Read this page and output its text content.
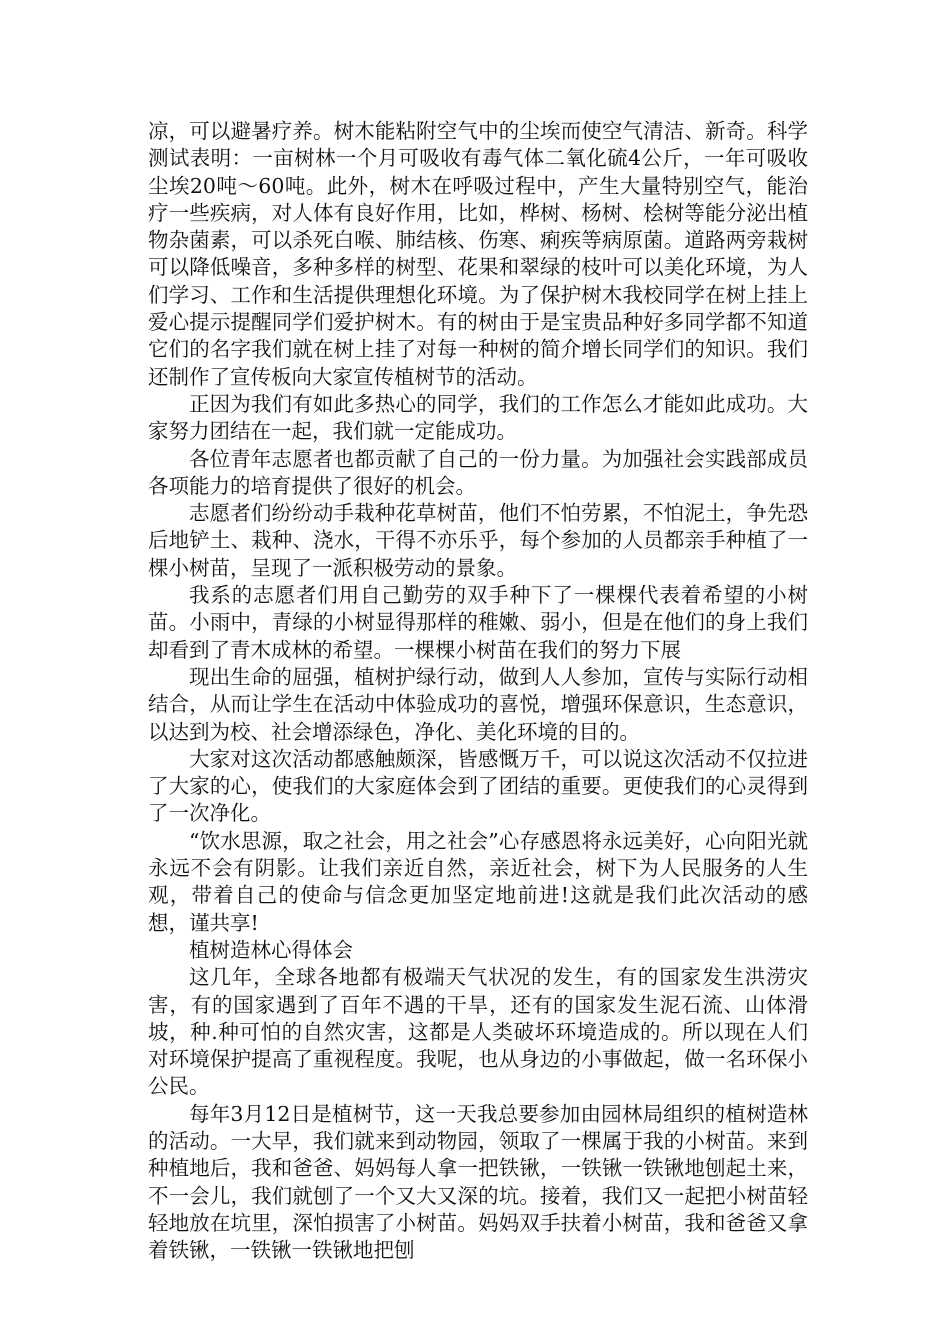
凉，可以避暑疗养。树木能粘附空气中的尘埃而使空气清洁、新奇。科学测试表明：一亩树林一个月可吸收有毒气体二氧化硫4公斤，一年可吸收尘埃20吨～60吨。此外，树木在呼吸过程中，产生大量特别空气，能治疗一些疾病，对人体有良好作用，比如，桦树、杨树、桧树等能分泌出植物杂菌素，可以杀死白喉、肺结核、伤寒、痢疾等病原菌。道路两旁栽树可以降低噪音，多种多样的树型、花果和翠绿的枝叶可以美化环境，为人们学习、工作和生活提供理想化环境。为了保护树木我校同学在树上挂上爱心提示提醒同学们爱护树木。有的树由于是宝贵品种好多同学都不知道它们的名字我们就在树上挂了对每一种树的简介增长同学们的知识。我们还制作了宣传板向大家宣传植树节的活动。

正因为我们有如此多热心的同学，我们的工作怎么才能如此成功。大家努力团结在一起，我们就一定能成功。

各位青年志愿者也都贡献了自己的一份力量。为加强社会实践部成员各项能力的培育提供了很好的机会。

志愿者们纷纷动手栽种花草树苗，他们不怕劳累，不怕泥土，争先恐后地铲土、栽种、浇水，干得不亦乐乎，每个参加的人员都亲手种植了一棵小树苗，呈现了一派积极劳动的景象。

我系的志愿者们用自己勤劳的双手种下了一棵棵代表着希望的小树苗。小雨中，青绿的小树显得那样的稚嫩、弱小，但是在他们的身上我们却看到了青木成林的希望。一棵棵小树苗在我们的努力下展

现出生命的屈强，植树护绿行动，做到人人参加，宣传与实际行动相结合，从而让学生在活动中体验成功的喜悦，增强环保意识，生态意识，以达到为校、社会增添绿色，净化、美化环境的目的。

大家对这次活动都感触颇深，皆感慨万千，可以说这次活动不仅拉进了大家的心，使我们的大家庭体会到了团结的重要。更使我们的心灵得到了一次净化。

“饮水思源，取之社会，用之社会”心存感恩将永远美好，心向阳光就永远不会有阴影。让我们亲近自然，亲近社会，树下为人民服务的人生观，带着自己的使命与信念更加坚定地前进!这就是我们此次活动的感想，谨共享!

植树造林心得体会

这几年，全球各地都有极端天气状况的发生，有的国家发生洪涝灾害，有的国家遇到了百年不遇的干旱，还有的国家发生泥石流、山体滑坡，种.种可怕的自然灾害，这都是人类破坏环境造成的。所以现在人们对环境保护提高了重视程度。我呢，也从身边的小事做起，做一名环保小公民。

每年3月12日是植树节，这一天我总要参加由园林局组织的植树造林的活动。一大早，我们就来到动物园，领取了一棵属于我的小树苗。来到种植地后，我和爸爸、妈妈每人拿一把铁锹，一铁锹一铁锹地刨起土来，不一会儿，我们就刨了一个又大又深的坑。接着，我们又一起把小树苗轻轻地放在坑里，深怕损害了小树苗。妈妈双手扶着小树苗，我和爸爸又拿着铁锹，一铁锹一铁锹地把刨
